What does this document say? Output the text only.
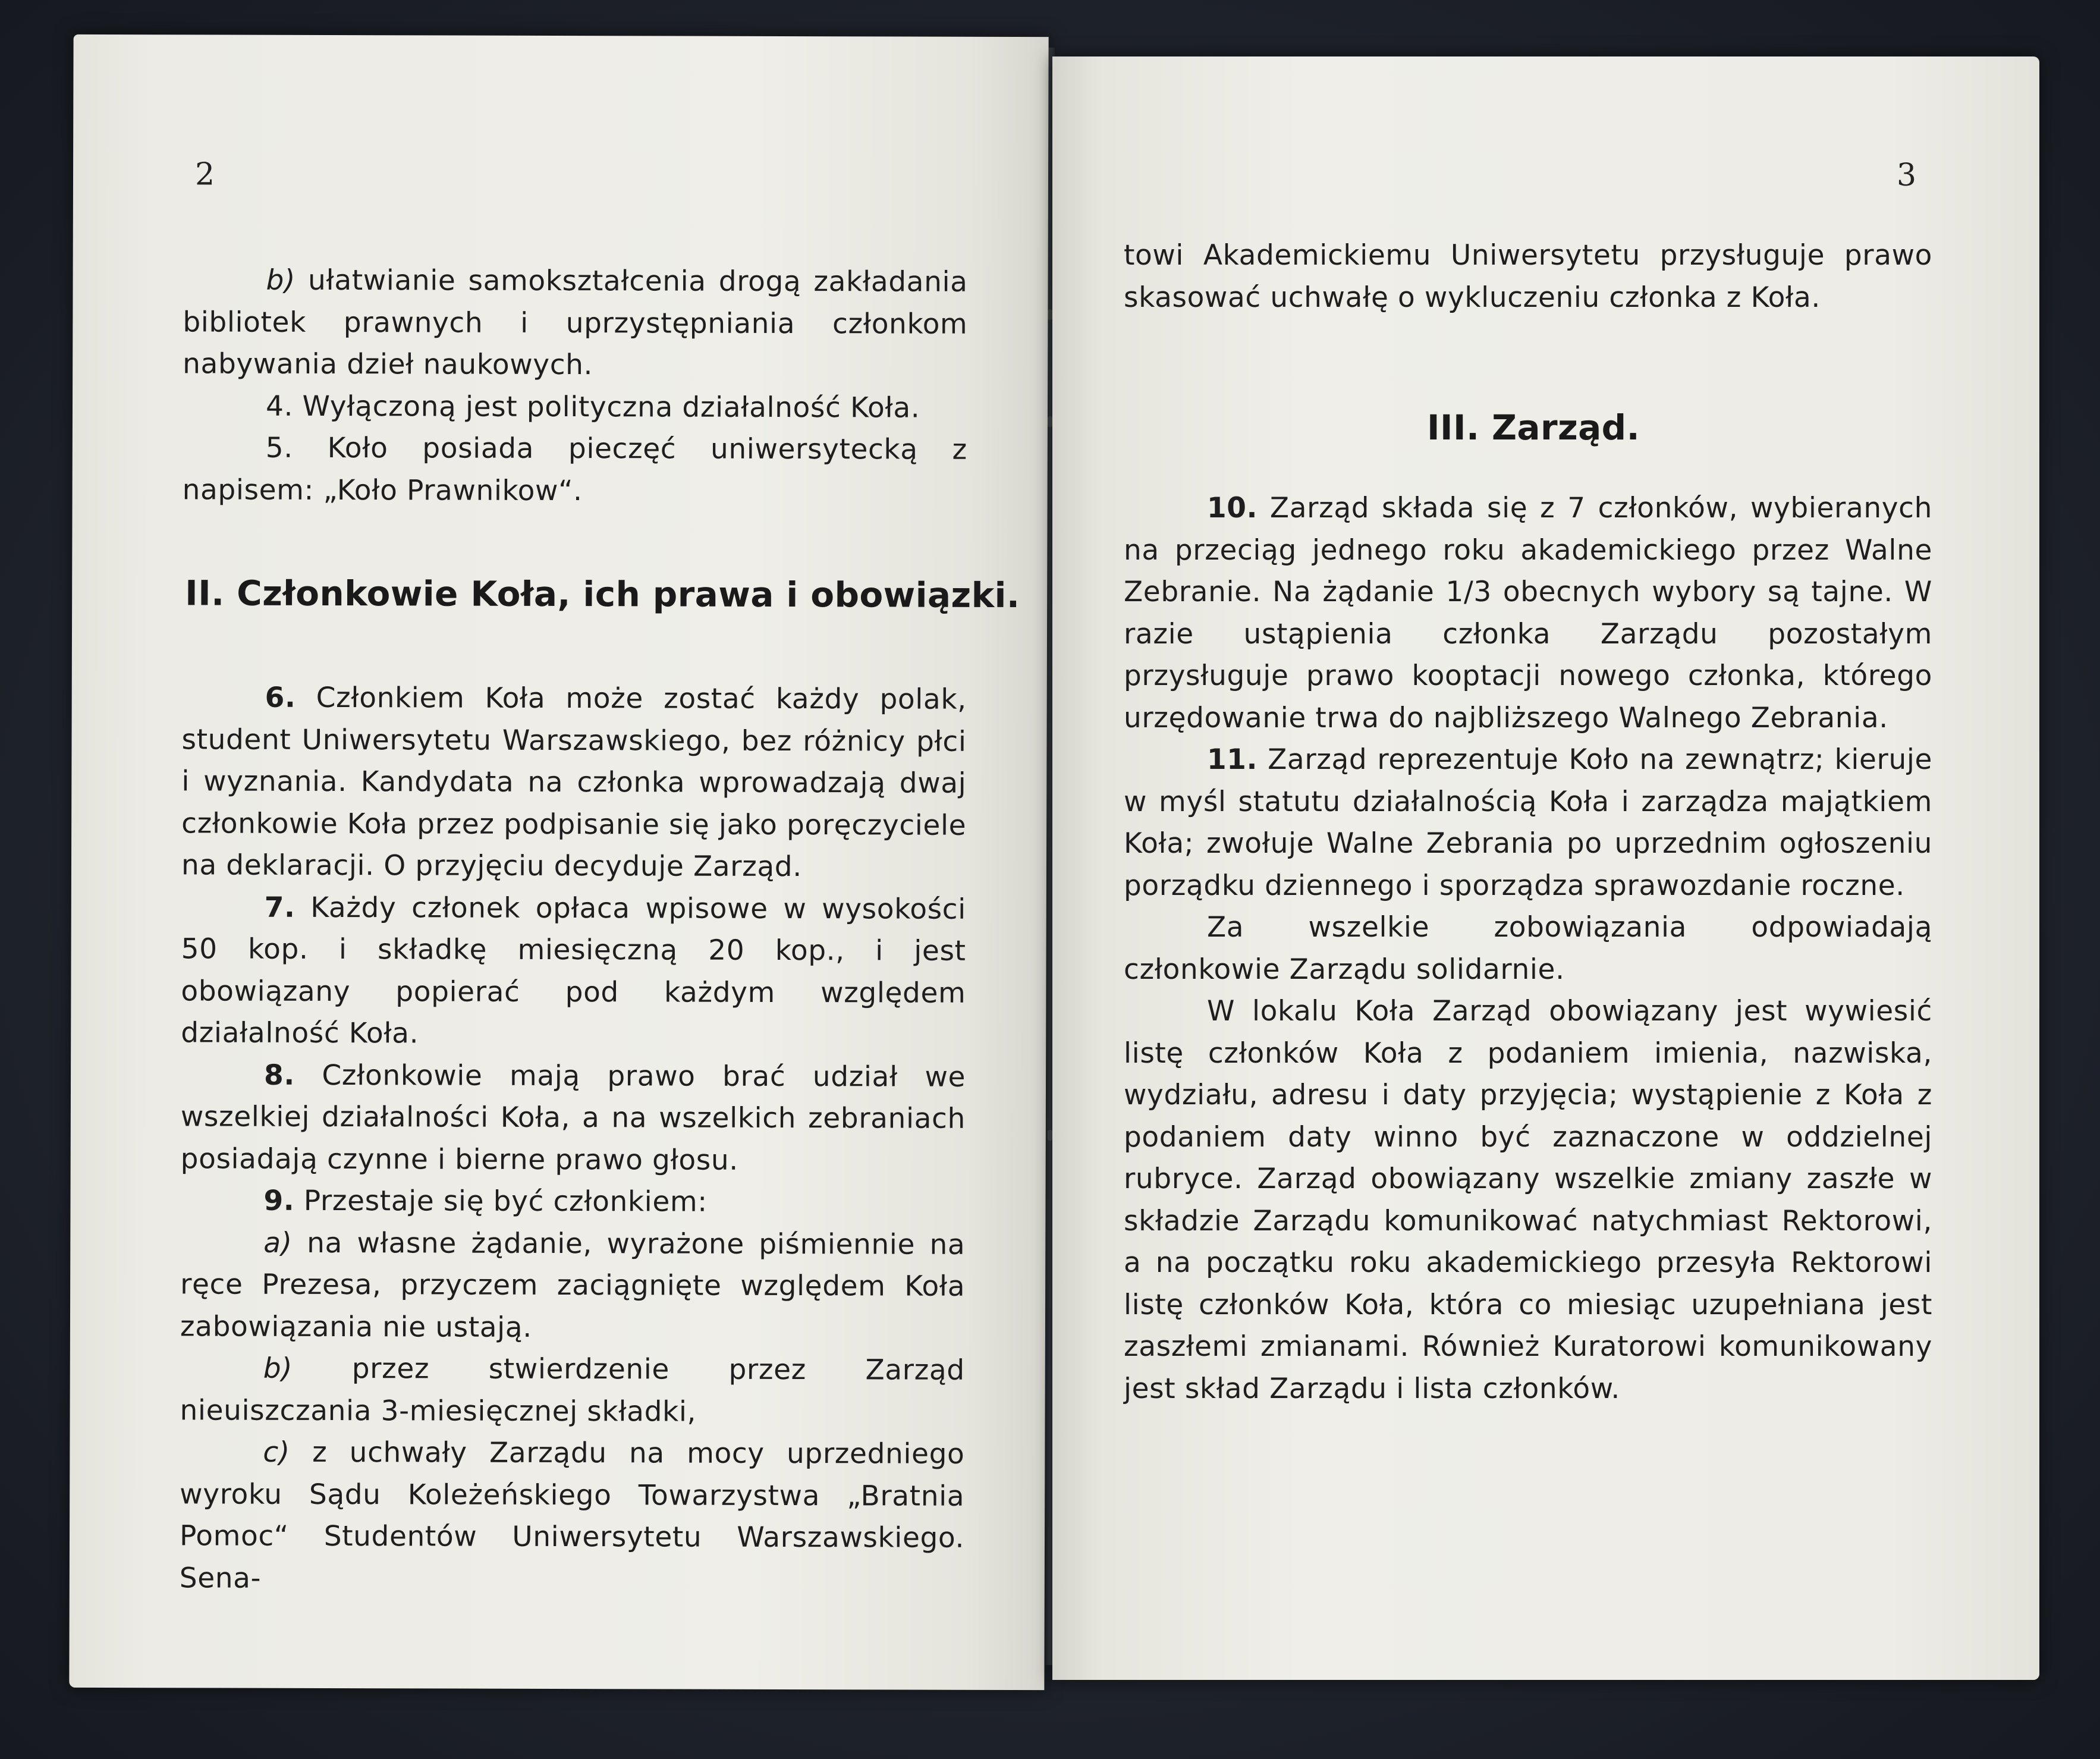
2

b) ułatwianie samokształcenia drogą zakładania bibliotek prawnych i uprzystępniania członkom nabywania dzieł naukowych.

4. Wyłączoną jest polityczna działalność Koła.

5. Koło posiada pieczęć uniwersytecką z napisem: „Koło Prawnikow“.

II. Członkowie Koła, ich prawa i obowiązki.

6. Członkiem Koła może zostać każdy polak, student Uniwersytetu Warszawskiego, bez różnicy płci i wyznania. Kandydata na członka wprowadzają dwaj członkowie Koła przez podpisanie się jako poręczyciele na deklaracji. O przyjęciu decyduje Zarząd.

7. Każdy członek opłaca wpisowe w wysokości 50 kop. i składkę miesięczną 20 kop., i jest obowiązany popierać pod każdym względem działalność Koła.

8. Członkowie mają prawo brać udział we wszelkiej działalności Koła, a na wszelkich zebraniach posiadają czynne i bierne prawo głosu.

9. Przestaje się być członkiem:

a) na własne żądanie, wyrażone piśmiennie na ręce Prezesa, przyczem zaciągnięte względem Koła zabowiązania nie ustają.

b) przez stwierdzenie przez Zarząd nieuiszczania 3-miesięcznej składki,

c) z uchwały Zarządu na mocy uprzedniego wyroku Sądu Koleżeńskiego Towarzystwa „Bratnia Pomoc“ Studentów Uniwersytetu Warszawskiego. Sena-

3

towi Akademickiemu Uniwersytetu przysługuje prawo skasować uchwałę o wykluczeniu członka z Koła.

III. Zarząd.

10. Zarząd składa się z 7 członków, wybieranych na przeciąg jednego roku akademickiego przez Walne Zebranie. Na żądanie 1/3 obecnych wybory są tajne. W razie ustąpienia członka Zarządu pozostałym przysługuje prawo kooptacji nowego członka, którego urzędowanie trwa do najbliższego Walnego Zebrania.

11. Zarząd reprezentuje Koło na zewnątrz; kieruje w myśl statutu działalnością Koła i zarządza majątkiem Koła; zwołuje Walne Zebrania po uprzednim ogłoszeniu porządku dziennego i sporządza sprawozdanie roczne.

Za wszelkie zobowiązania odpowiadają członkowie Zarządu solidarnie.

W lokalu Koła Zarząd obowiązany jest wywiesić listę członków Koła z podaniem imienia, nazwiska, wydziału, adresu i daty przyjęcia; wystąpienie z Koła z podaniem daty winno być zaznaczone w oddzielnej rubryce. Zarząd obowiązany wszelkie zmiany zaszłe w składzie Zarządu komunikować natychmiast Rektorowi, a na początku roku akademickiego przesyła Rektorowi listę członków Koła, która co miesiąc uzupełniana jest zaszłemi zmianami. Również Kuratorowi komunikowany jest skład Zarządu i lista członków.
